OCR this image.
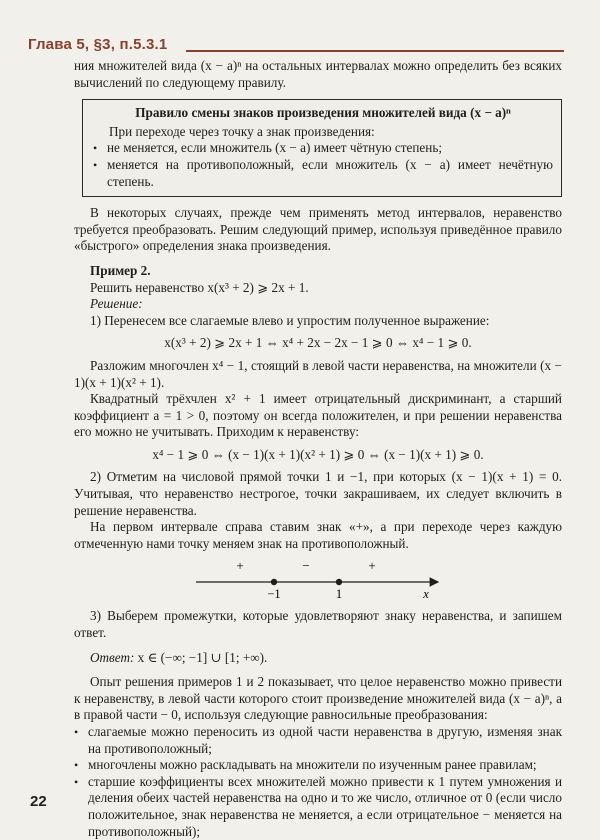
Глава 5, §3, п.5.3.1

ния множителей вида (x − a)ⁿ на остальных интервалах можно определить без всяких вычислений по следующему правилу.

Правило смены знаков произведения множителей вида (x − a)ⁿ

При переходе через точку a знак произведения:

• не меняется, если множитель (x − a) имеет чётную степень;
• меняется на противоположный, если множитель (x − a) имеет нечётную степень.

В некоторых случаях, прежде чем применять метод интервалов, неравенство требуется преобразовать. Решим следующий пример, используя приведённое правило «быстрого» определения знака произведения.

Пример 2.

Решить неравенство x(x³ + 2) ⩾ 2x + 1.

Решение:

1) Перенесем все слагаемые влево и упростим полученное выражение:

x(x³ + 2) ⩾ 2x + 1 ⇔ x⁴ + 2x − 2x − 1 ⩾ 0 ⇔ x⁴ − 1 ⩾ 0.

Разложим многочлен x⁴ − 1, стоящий в левой части неравенства, на множители (x − 1)(x + 1)(x² + 1).

Квадратный трёхчлен x² + 1 имеет отрицательный дискриминант, а старший коэффициент a = 1 > 0, поэтому он всегда положителен, и при решении неравенства его можно не учитывать. Приходим к неравенству:

x⁴ − 1 ⩾ 0 ⇔ (x − 1)(x + 1)(x² + 1) ⩾ 0 ⇔ (x − 1)(x + 1) ⩾ 0.

2) Отметим на числовой прямой точки 1 и −1, при которых (x − 1)(x + 1) = 0. Учитывая, что неравенство нестрогое, точки закрашиваем, их следует включить в решение неравенства.

На первом интервале справа ставим знак «+», а при переходе через каждую отмеченную нами точку меняем знак на противоположный.

+	−	+
−1	1	x

3) Выберем промежутки, которые удовлетворяют знаку неравенства, и запишем ответ.

Ответ: x ∈ (−∞; −1] ∪ [1; +∞).

Опыт решения примеров 1 и 2 показывает, что целое неравенство можно привести к неравенству, в левой части которого стоит произведение множителей вида (x − a)ⁿ, а в правой части − 0, используя следующие равносильные преобразования:

• слагаемые можно переносить из одной части неравенства в другую, изменяя знак на противоположный;
• многочлены можно раскладывать на множители по изученным ранее правилам;
• старшие коэффициенты всех множителей можно привести к 1 путем умножения и деления обеих частей неравенства на одно и то же число, отличное от 0 (если число положительное, знак неравенства не меняется, а если отрицательное − меняется на противоположный);
22
